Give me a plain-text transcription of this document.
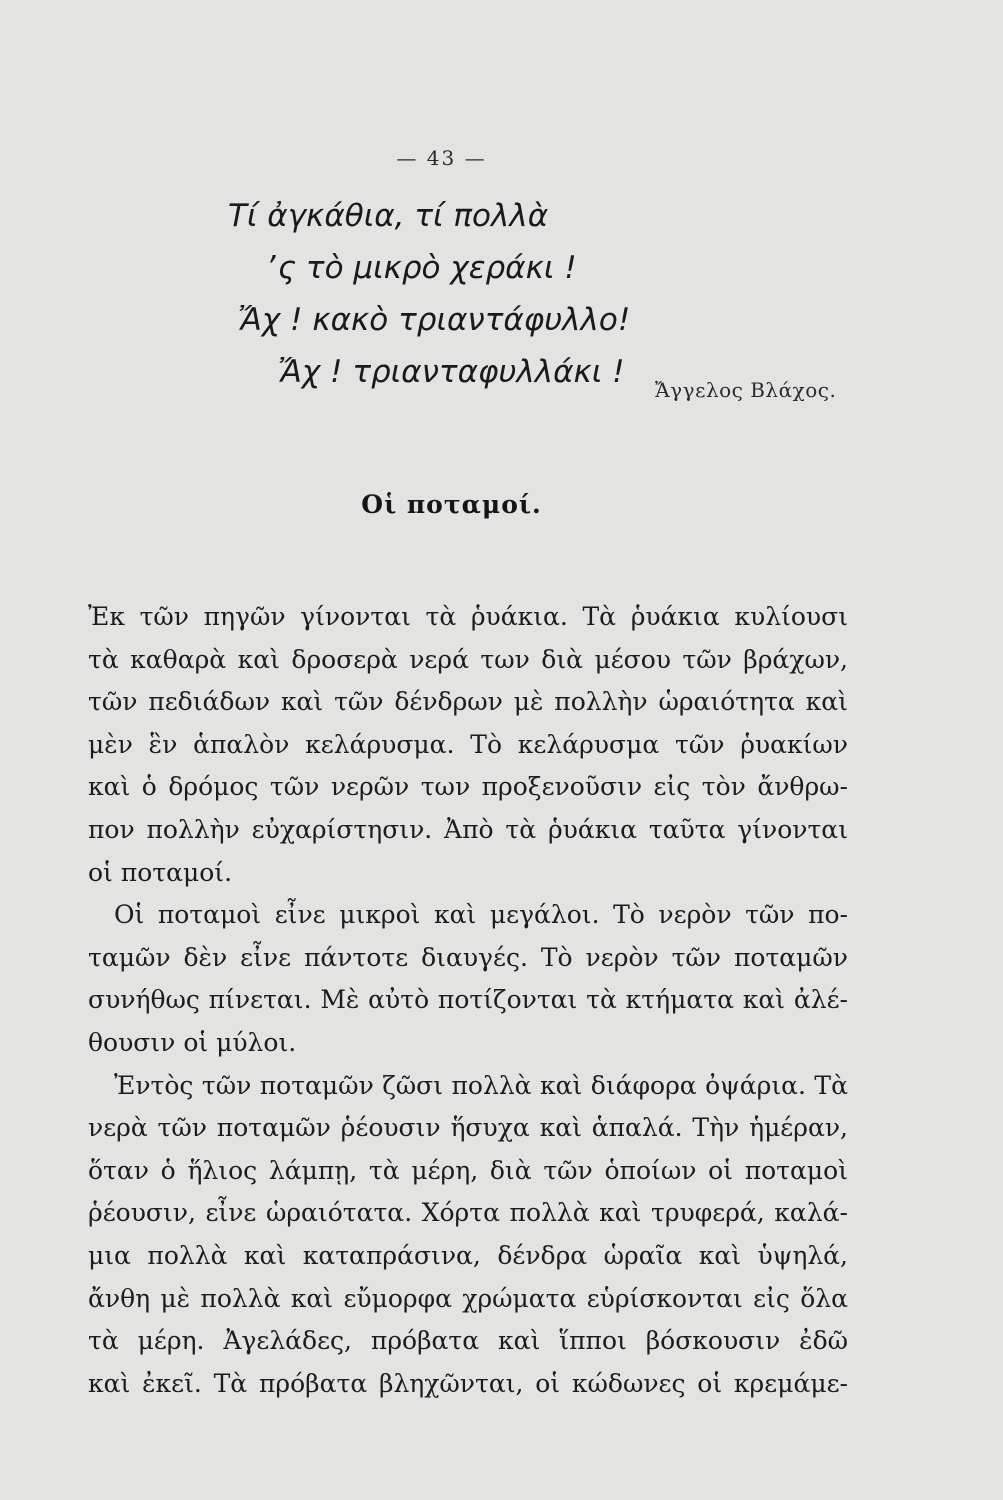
— 43 —
Τί ἀγκάθια, τί πολλὰ
ʼς τὸ μικρὸ χεράκι !
Ἄχ ! κακὸ τριαντάφυλλο!
Ἄχ ! τριανταφυλλάκι ! Ἄγγελος Βλάχος.
Οἱ ποταμοί.
Ἐκ τῶν πηγῶν γίνονται τὰ ῥυάκια. Τὰ ῥυάκια κυλίουσι
τὰ καθαρὰ καὶ δροσερὰ νερά των διὰ μέσου τῶν βράχων,
τῶν πεδιάδων καὶ τῶν δένδρων μὲ πολλὴν ὡραιότητα καὶ
μὲν ἓν ἁπαλὸν κελάρυσμα. Τὸ κελάρυσμα τῶν ῥυακίων
καὶ ὁ δρόμος τῶν νερῶν των προξενοῦσιν εἰς τὸν ἄνθρω-
πον πολλὴν εὐχαρίστησιν. Ἀπὸ τὰ ῥυάκια ταῦτα γίνονται
οἱ ποταμοί.
Οἱ ποταμοὶ εἶνε μικροὶ καὶ μεγάλοι. Τὸ νερὸν τῶν πο-
ταμῶν δὲν εἶνε πάντοτε διαυγές. Τὸ νερὸν τῶν ποταμῶν
συνήθως πίνεται. Μὲ αὐτὸ ποτίζονται τὰ κτήματα καὶ ἀλέ-
θουσιν οἱ μύλοι.
Ἐντὸς τῶν ποταμῶν ζῶσι πολλὰ καὶ διάφορα ὀψάρια. Τὰ
νερὰ τῶν ποταμῶν ῥέουσιν ἥσυχα καὶ ἁπαλά. Τὴν ἡμέραν,
ὅταν ὁ ἥλιος λάμπῃ, τὰ μέρη, διὰ τῶν ὁποίων οἱ ποταμοὶ
ῥέουσιν, εἶνε ὡραιότατα. Χόρτα πολλὰ καὶ τρυφερά, καλά-
μια πολλὰ καὶ καταπράσινα, δένδρα ὡραῖα καὶ ὑψηλά,
ἄνθη μὲ πολλὰ καὶ εὔμορφα χρώματα εὑρίσκονται εἰς ὅλα
τὰ μέρη. Ἀγελάδες, πρόβατα καὶ ἵπποι βόσκουσιν ἐδῶ
καὶ ἐκεῖ. Τὰ πρόβατα βληχῶνται, οἱ κώδωνες οἱ κρεμάμε-
